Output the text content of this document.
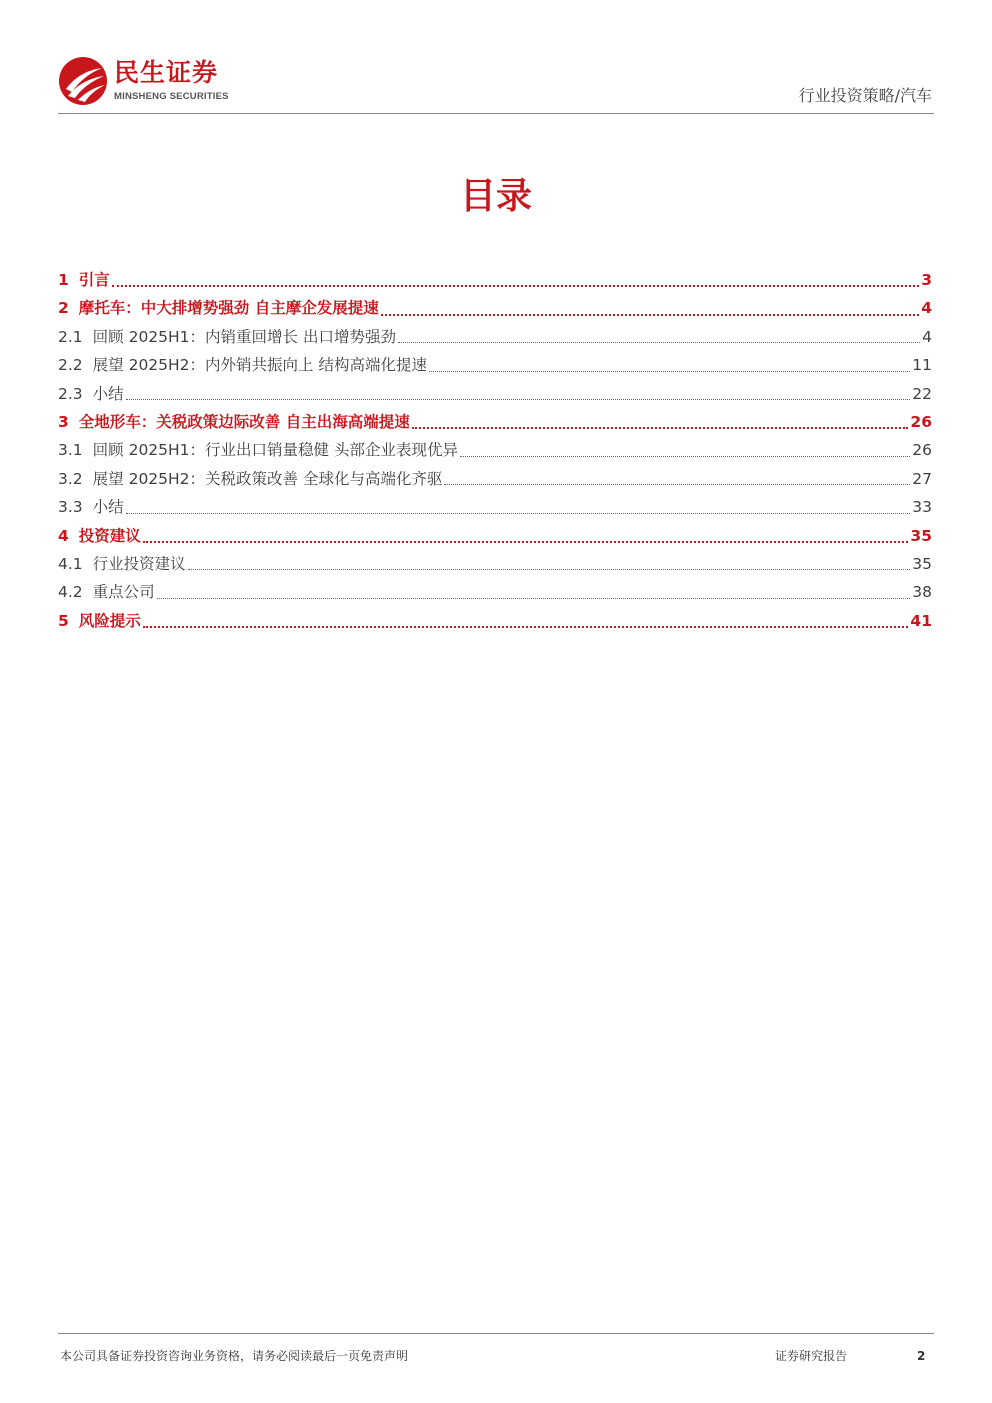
民生证券
MINSHENG SECURITIES	行业投资策略/汽车
目录
1 引言	3
2 摩托车：中大排增势强劲 自主摩企发展提速	4
2.1 回顾 2025H1：内销重回增长 出口增势强劲	4
2.2 展望 2025H2：内外销共振向上 结构高端化提速	11
2.3 小结	22
3 全地形车：关税政策边际改善 自主出海高端提速	26
3.1 回顾 2025H1：行业出口销量稳健 头部企业表现优异	26
3.2 展望 2025H2：关税政策改善 全球化与高端化齐驱	27
3.3 小结	33
4 投资建议	35
4.1 行业投资建议	35
4.2 重点公司	38
5 风险提示	41
本公司具备证券投资咨询业务资格，请务必阅读最后一页免责声明	证券研究报告	2
